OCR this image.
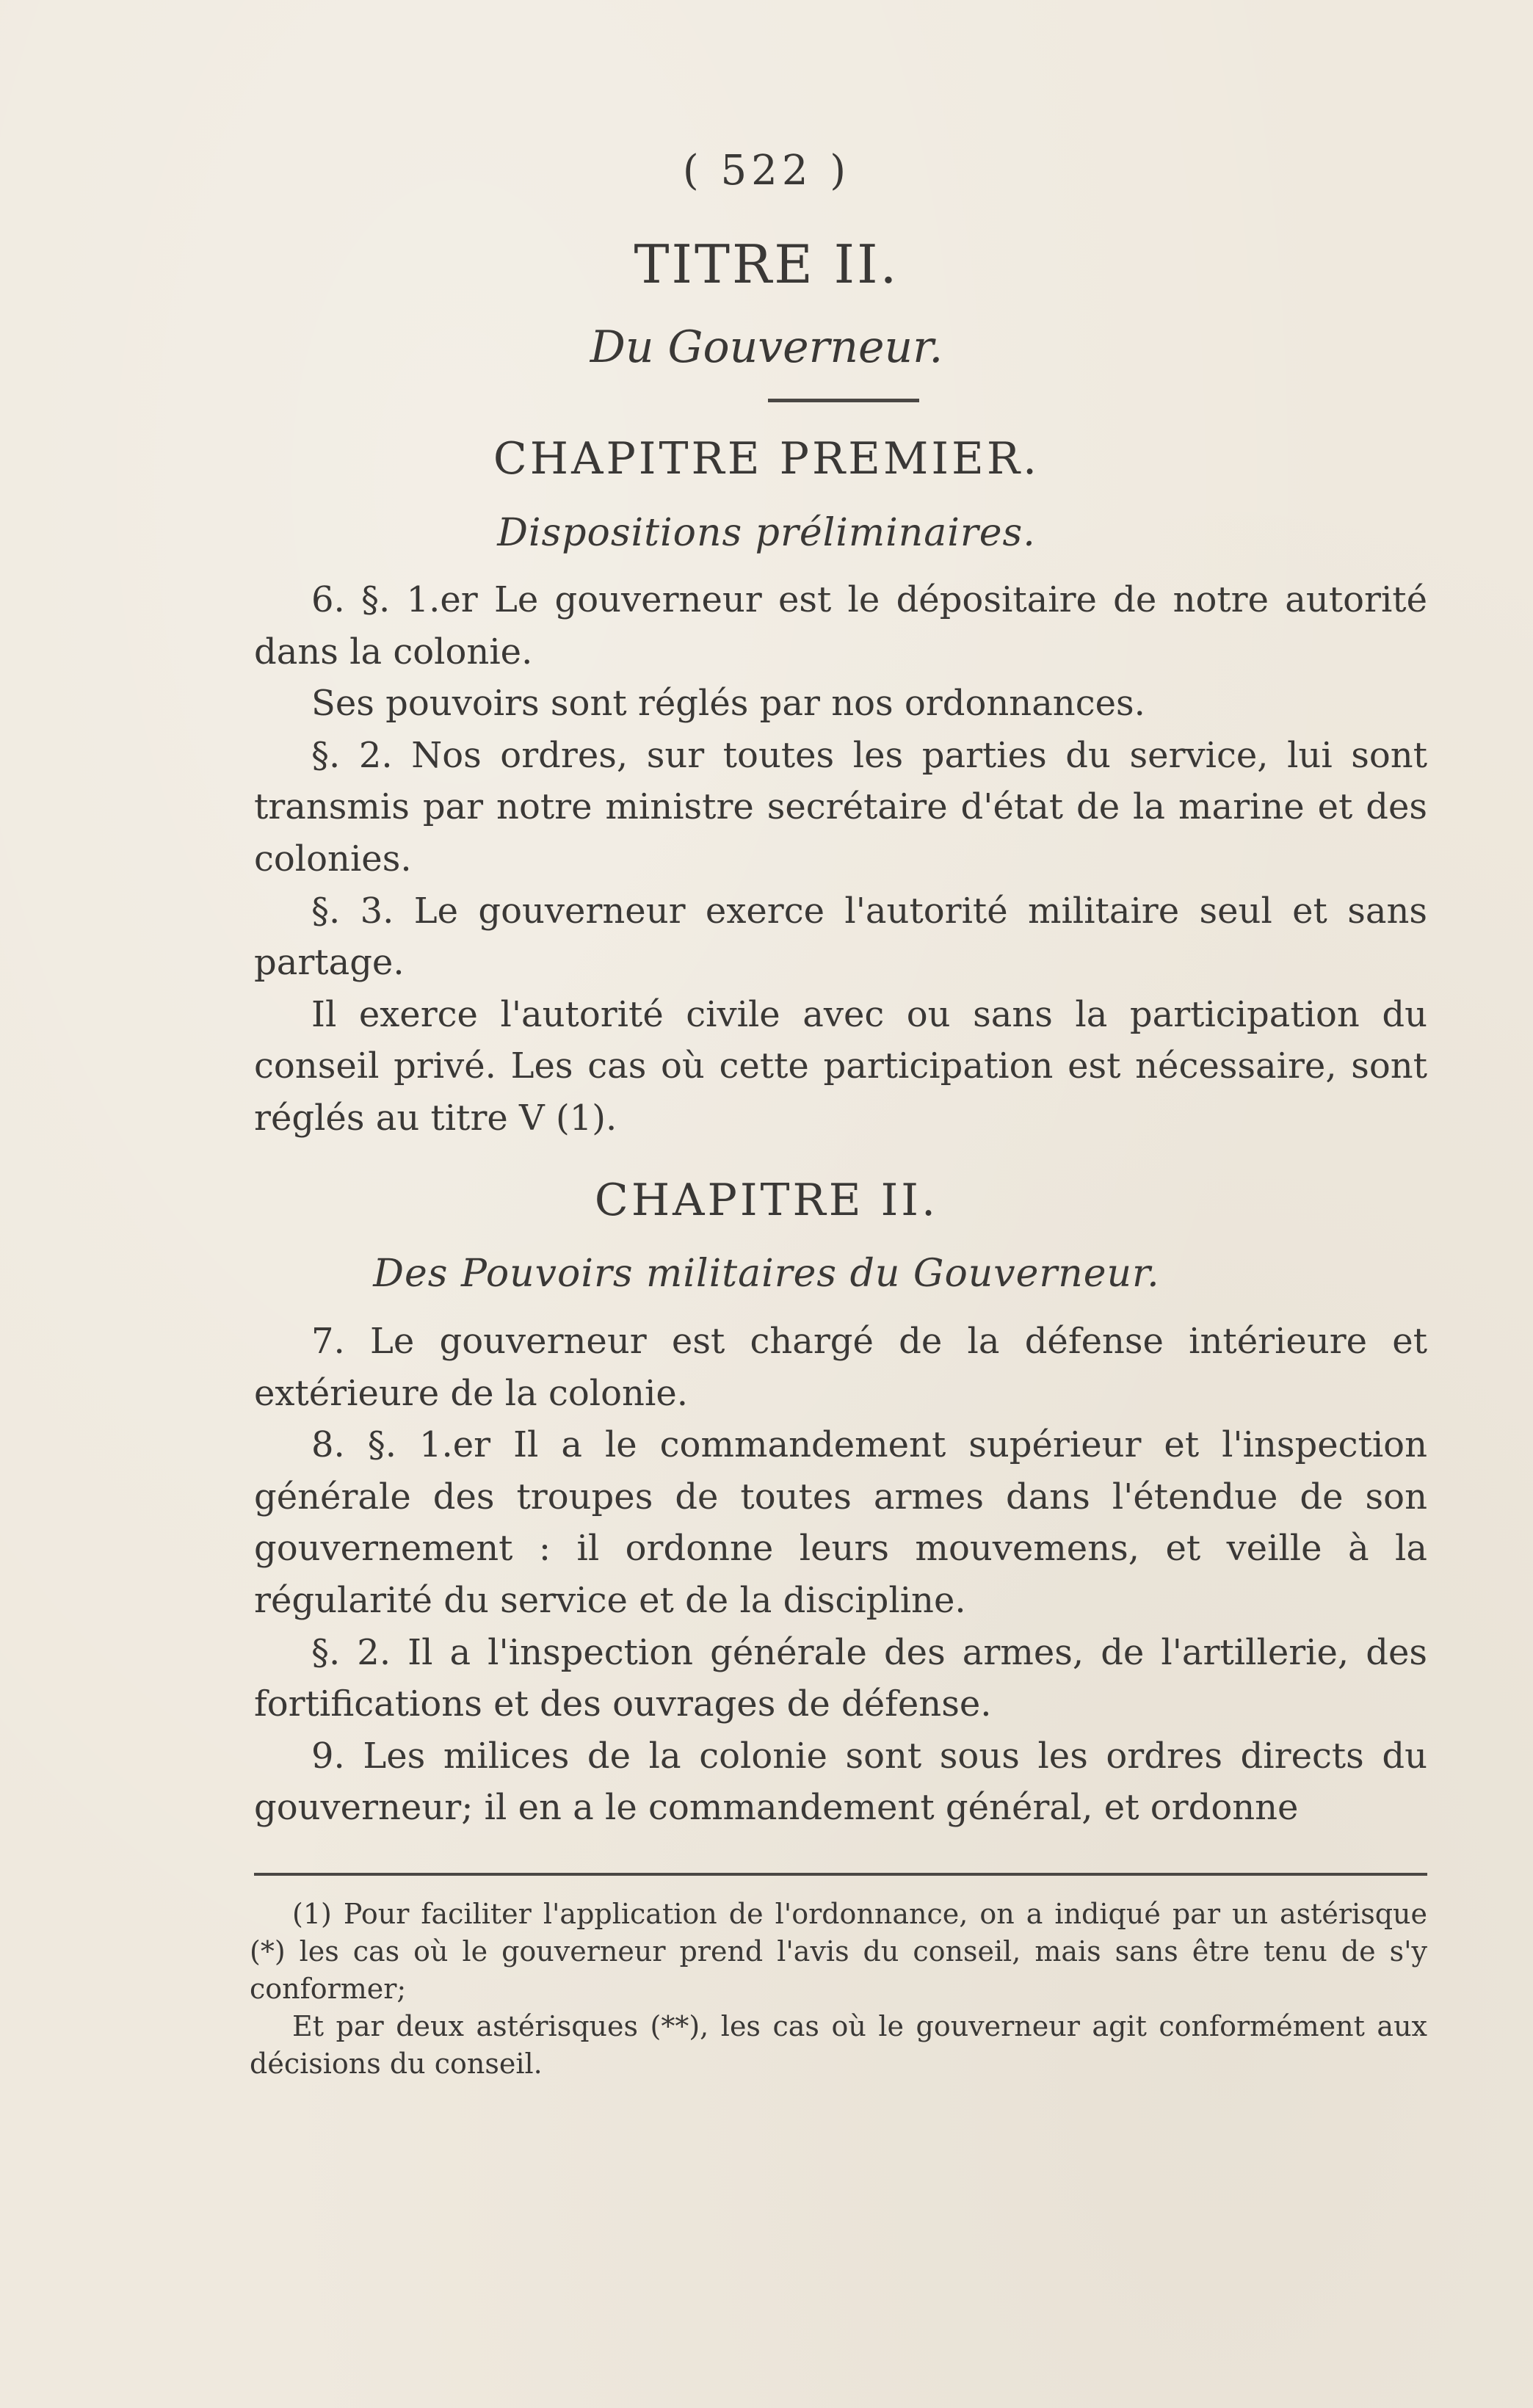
( 522 )
TITRE II.
Du Gouverneur.
CHAPITRE PREMIER.
Dispositions préliminaires.

6. §. 1.er Le gouverneur est le dépositaire de notre autorité dans la colonie.

Ses pouvoirs sont réglés par nos ordonnances.

§. 2. Nos ordres, sur toutes les parties du service, lui sont transmis par notre ministre secrétaire d'état de la marine et des colonies.

§. 3. Le gouverneur exerce l'autorité militaire seul et sans partage.

Il exerce l'autorité civile avec ou sans la participation du conseil privé. Les cas où cette participation est nécessaire, sont réglés au titre V (1).

CHAPITRE II.
Des Pouvoirs militaires du Gouverneur.

7. Le gouverneur est chargé de la défense intérieure et extérieure de la colonie.

8. §. 1.er Il a le commandement supérieur et l'inspection générale des troupes de toutes armes dans l'étendue de son gouvernement : il ordonne leurs mouvemens, et veille à la régularité du service et de la discipline.

§. 2. Il a l'inspection générale des armes, de l'artillerie, des fortifications et des ouvrages de défense.

9. Les milices de la colonie sont sous les ordres directs du gouverneur; il en a le commandement général, et ordonne

(1) Pour faciliter l'application de l'ordonnance, on a indiqué par un astérisque (*) les cas où le gouverneur prend l'avis du conseil, mais sans être tenu de s'y conformer;

Et par deux astérisques (**), les cas où le gouverneur agit conformément aux décisions du conseil.
